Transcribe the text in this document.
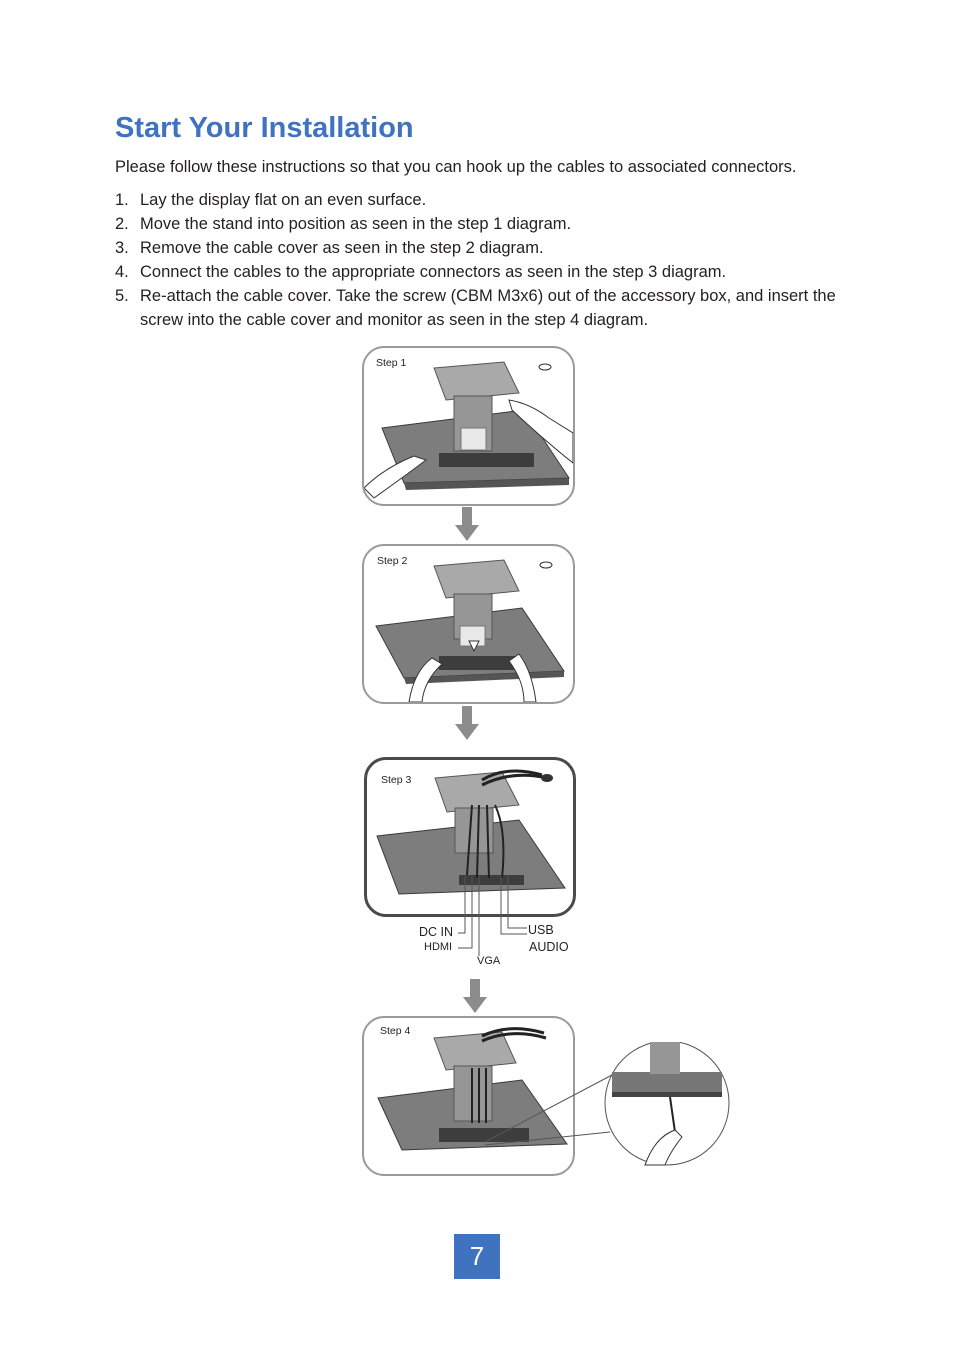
Start Your Installation

Please follow these instructions so that you can hook up the cables to associated connectors.

1. Lay the display flat on an even surface.
2. Move the stand into position as seen in the step 1 diagram.
3. Remove the cable cover as seen in the step 2 diagram.
4. Connect the cables to the appropriate connectors as seen in the step 3 diagram.
5. Re-attach the cable cover. Take the screw (CBM M3x6) out of the accessory box, and insert the screw into the cable cover and monitor as seen in the step 4 diagram.
Step 1
Step 2
Step 3
DC IN
HDMI
VGA
USB
AUDIO
Step 4
7
